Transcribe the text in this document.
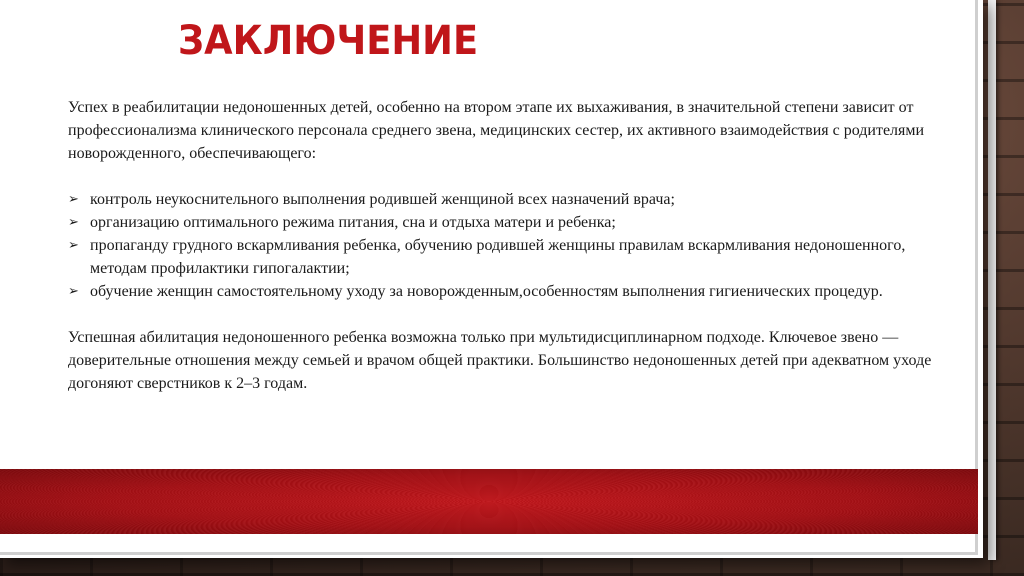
ЗАКЛЮЧЕНИЕ

Успех в реабилитации недоношенных детей, особенно на втором этапе их выхаживания, в значительной степени зависит от профессионализма клинического персонала среднего звена, медицинских сестер, их активного взаимодействия с родителями новорожденного, обеспечивающего:

➢ контроль неукоснительного выполнения родившей женщиной всех назначений врача;
➢ организацию оптимального режима питания, сна и отдыха матери и ребенка;
➢ пропаганду грудного вскармливания ребенка, обучению родившей женщины правилам вскармливания недоношенного, методам профилактики гипогалактии;
➢ обучение женщин самостоятельному уходу за новорожденным,особенностям выполнения гигиенических процедур.

Успешная абилитация недоношенного ребенка возможна только при мультидисциплинарном подходе. Ключевое звено — доверительные отношения между семьей и врачом общей практики. Большинство недоношенных детей при адекватном уходе догоняют сверстников к 2–3 годам.
